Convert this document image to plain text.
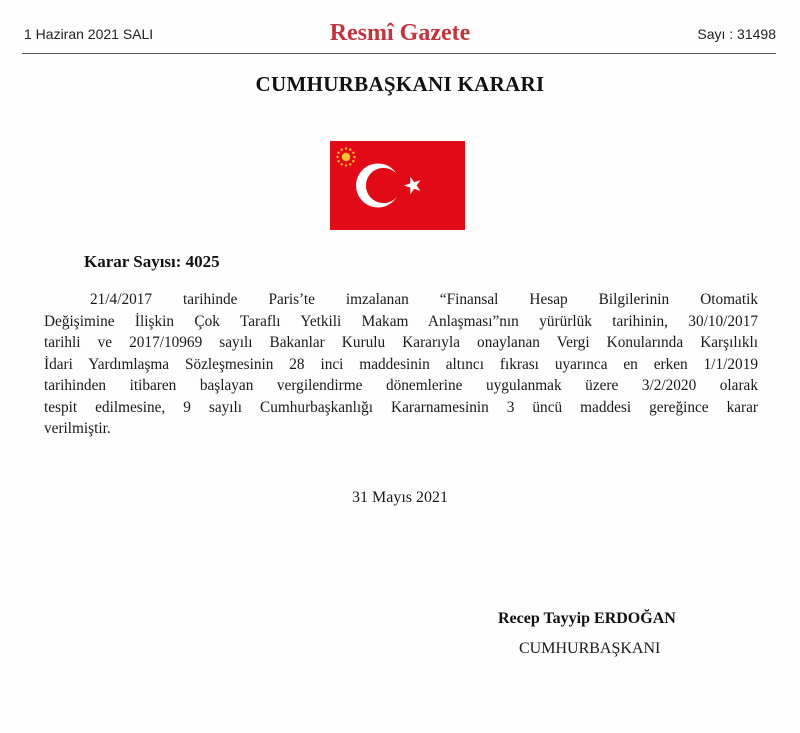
1 Haziran 2021 SALI	Resmî Gazete	Sayı : 31498
CUMHURBAŞKANI KARARI
Karar Sayısı: 4025
21/4/2017 tarihinde Paris’te imzalanan “Finansal Hesap Bilgilerinin Otomatik
Değişimine İlişkin Çok Taraflı Yetkili Makam Anlaşması”nın yürürlük tarihinin, 30/10/2017
tarihli ve 2017/10969 sayılı Bakanlar Kurulu Kararıyla onaylanan Vergi Konularında Karşılıklı
İdari Yardımlaşma Sözleşmesinin 28 inci maddesinin altıncı fıkrası uyarınca en erken 1/1/2019
tarihinden itibaren başlayan vergilendirme dönemlerine uygulanmak üzere 3/2/2020 olarak
tespit edilmesine, 9 sayılı Cumhurbaşkanlığı Kararnamesinin 3 üncü maddesi gereğince karar
verilmiştir.
31 Mayıs 2021
Recep Tayyip ERDOĞAN
CUMHURBAŞKANI
